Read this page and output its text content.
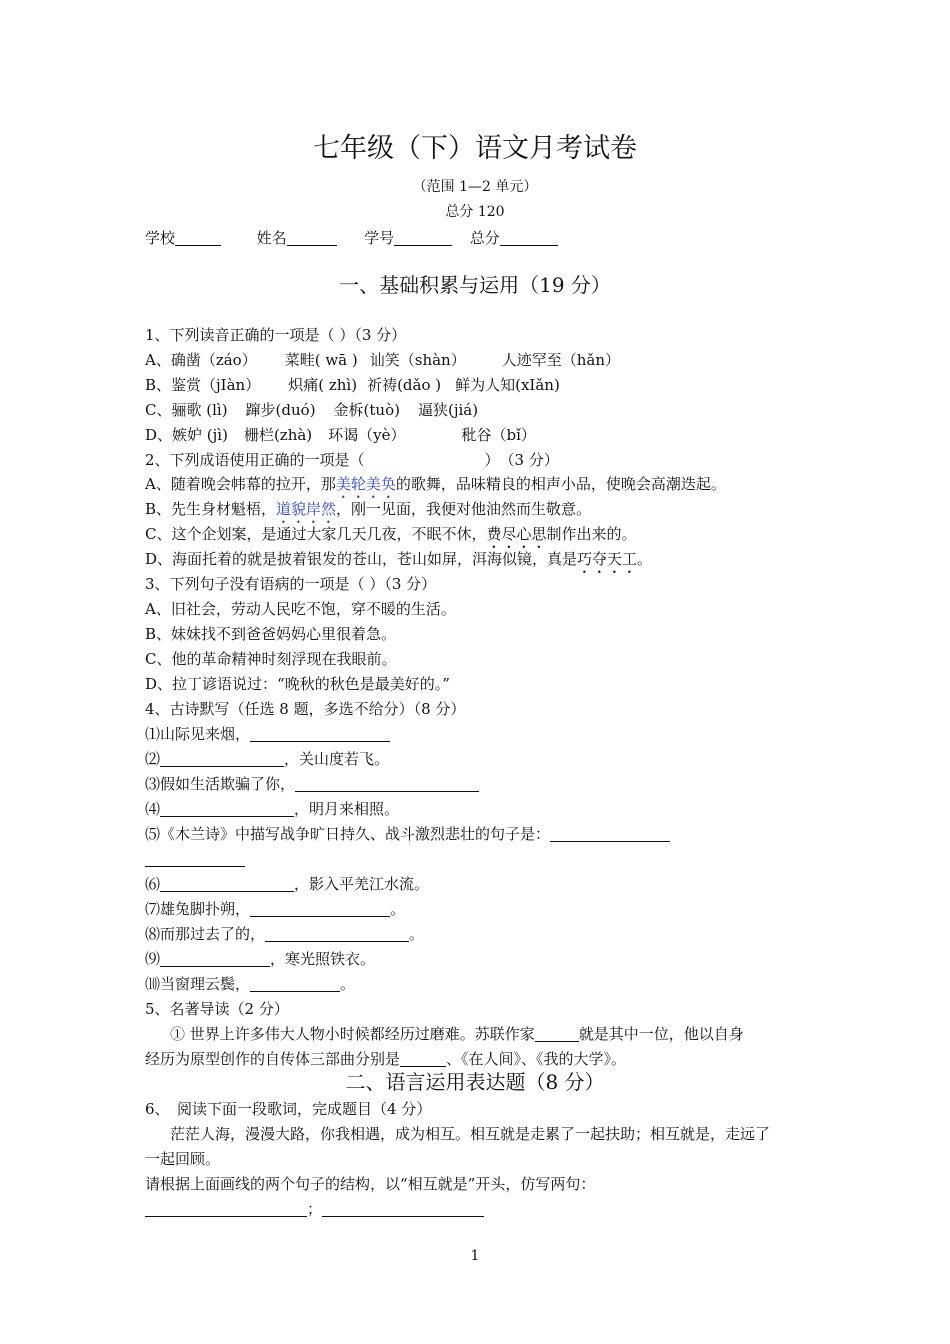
七年级（下）语文月考试卷
（范围 1—2 单元）
总分 120
学校	姓名	学号	总分
一、基础积累与运用（19 分）
1、下列读音正确的一项是（ ）（3 分）
A、确凿（záo） 菜畦( wā ) 讪笑（shàn） 人迹罕至（hǎn）
B、鉴赏（jIàn） 炽痛( zhì) 祈祷(dǎo ) 鲜为人知(xIǎn)
C、骊歌 (lì) 蹿步(duó) 金柝(tuò) 逼狭(jiá)
D、嫉妒 (jì) 栅栏(zhà) 环谒（yè）	秕谷（bǐ）
2、下列成语使用正确的一项是（	）　（3 分）
A、随着晚会帏幕的拉开，那美轮美奂的歌舞，品味精良的相声小品，使晚会高潮迭起。
B、先生身材魁梧，道貌岸然，刚一见面，我便对他油然而生敬意。
C、这个企划案，是通过大家几天几夜，不眠不休，费尽心思制作出来的。
D、海面托着的就是披着银发的苍山，苍山如屏，洱海似镜，真是巧夺天工。
3、下列句子没有语病的一项是（ ）（3 分）
A、旧社会，劳动人民吃不饱，穿不暖的生活。
B、妹妹找不到爸爸妈妈心里很着急。
C、他的革命精神时刻浮现在我眼前。
D、拉丁谚语说过：“晚秋的秋色是最美好的。”
4、古诗默写（任选 8 题，多选不给分）（8 分）
⑴山际见来烟，
⑵	，关山度若飞。
⑶假如生活欺骗了你，
⑷	，明月来相照。
⑸《木兰诗》中描写战争旷日持久、战斗激烈悲壮的句子是：
⑹	，影入平羌江水流。
⑺雄兔脚扑朔，	。
⑻而那过去了的，	。
⑼	，寒光照铁衣。
⑽当窗理云鬓，	。
5、名著导读（2 分）
① 世界上许多伟大人物小时候都经历过磨难。苏联作家	就是其中一位，他以自身
经历为原型创作的自传体三部曲分别是	、《在人间》、《我的大学》。
二、语言运用表达题（8 分）
6、　阅读下面一段歌词，完成题目（4 分）
茫茫人海，漫漫大路，你我相遇，成为相互。相互就是走累了一起扶助；相互就是，走远了
一起回顾。
请根据上面画线的两个句子的结构，以“相互就是”开头，仿写两句：
；
1
